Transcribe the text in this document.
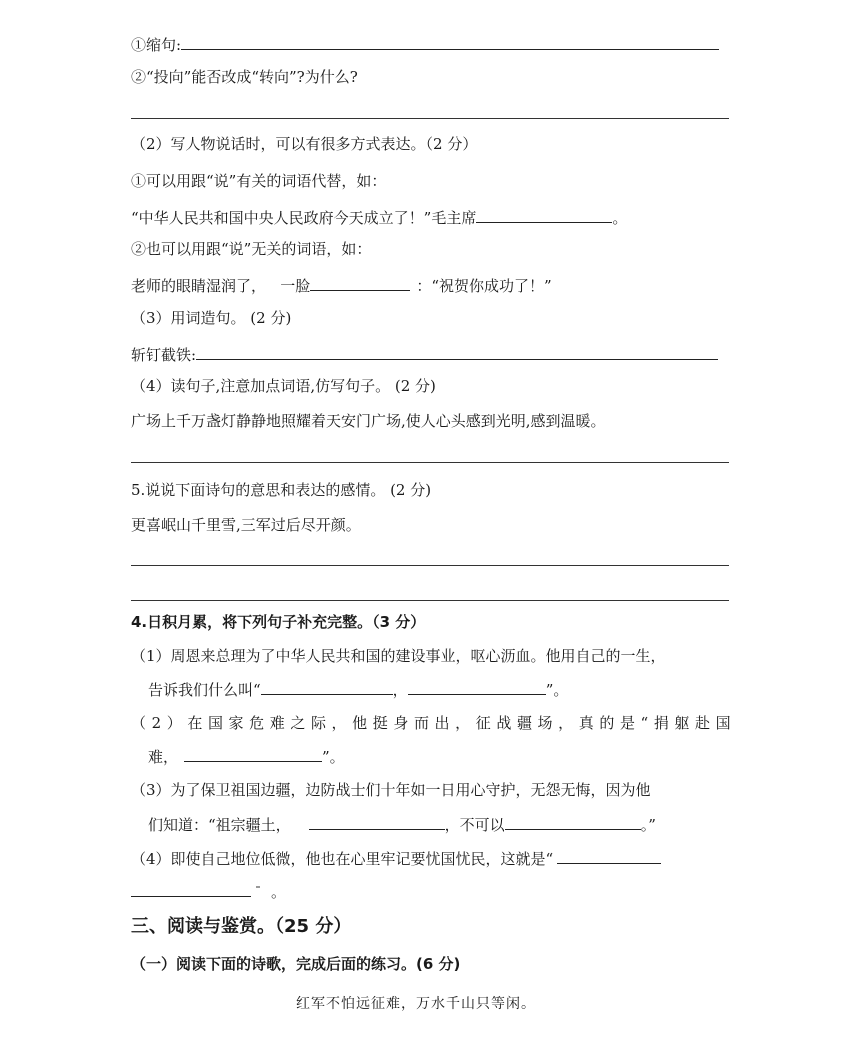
①缩句:
②“投向”能否改成“转向”?为什么?
（2）写人物说话时，可以有很多方式表达。（2 分）
①可以用跟“说”有关的词语代替，如：
“中华人民共和国中央人民政府今天成立了！”毛主席	。
②也可以用跟“说”无关的词语，如：
老师的眼睛湿润了，   一脸	：“祝贺你成功了！”
（3）用词造句。 (2 分)
斩钉截铁:
（4）读句子,注意加点词语,仿写句子。 (2 分)
广场上千万盏灯静静地照耀着天安门广场,使人心头感到光明,感到温暖。
5.说说下面诗句的意思和表达的感情。 (2 分)
更喜岷山千里雪,三军过后尽开颜。
4.日积月累，将下列句子补充完整。（3 分）
（1）周恩来总理为了中华人民共和国的建设事业，呕心沥血。他用自己的一生，
告诉我们什么叫“	，	”。
（2）在国家危难之际，他挺身而出，征战疆场，真的是“捐躯赴国
难，	”。
（3）为了保卫祖国边疆，边防战士们十年如一日用心守护，无怨无悔，因为他
们知道：“祖宗疆土，	，不可以	。”
（4）即使自己地位低微，他也在心里牢记要忧国忧民，这就是“
。
三、阅读与鉴赏。（25 分）
（一）阅读下面的诗歌，完成后面的练习。(6 分)
红军不怕远征难，万水千山只等闲。
